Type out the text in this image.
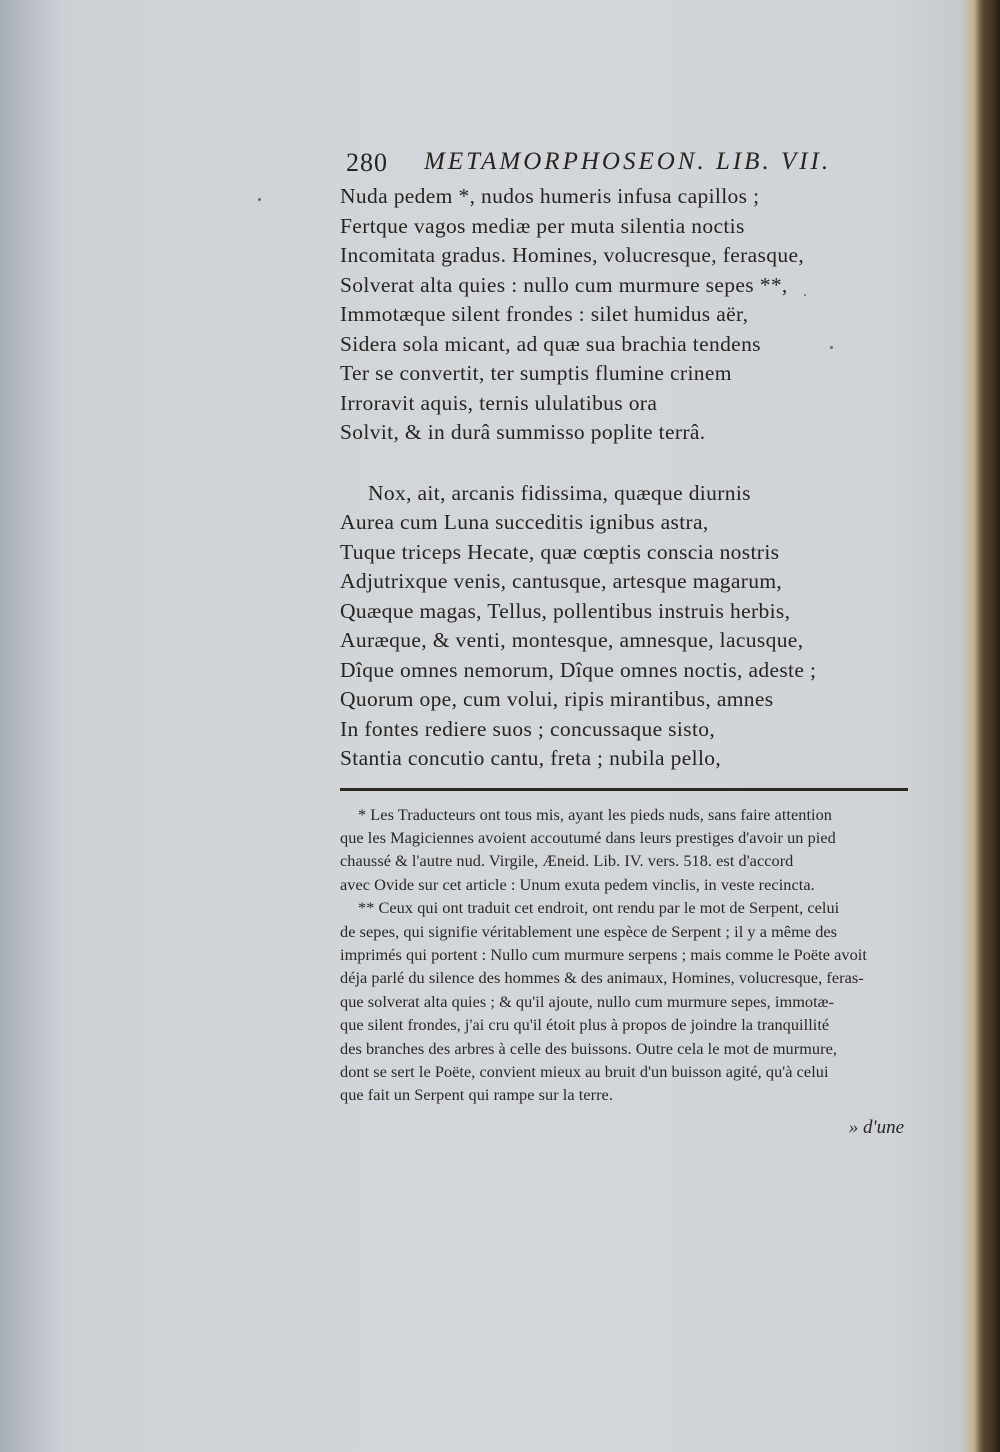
280 METAMORPHOSEON. LIB. VII.
Nuda pedem *, nudos humeris infusa capillos ;
Fertque vagos mediæ per muta silentia noctis
Incomitata gradus. Homines, volucresque, ferasque,
Solverat alta quies : nullo cum murmure sepes **,
Immotæque silent frondes : silet humidus aër,
Sidera sola micant, ad quæ sua brachia tendens
Ter se convertit, ter sumptis flumine crinem
Irroravit aquis, ternis ululatibus ora
Solvit, & in durâ summisso poplite terrâ.
Nox, ait, arcanis fidissima, quæque diurnis
Aurea cum Luna succeditis ignibus astra,
Tuque triceps Hecate, quæ cœptis conscia nostris
Adjutrixque venis, cantusque, artesque magarum,
Quæque magas, Tellus, pollentibus instruis herbis,
Auræque, & venti, montesque, amnesque, lacusque,
Dîque omnes nemorum, Dîque omnes noctis, adeste ;
Quorum ope, cum volui, ripis mirantibus, amnes
In fontes rediere suos ; concussaque sisto,
Stantia concutio cantu, freta ; nubila pello,
* Les Traducteurs ont tous mis, ayant les pieds nuds, sans faire attention
que les Magiciennes avoient accoutumé dans leurs prestiges d'avoir un pied
chaussé & l'autre nud. Virgile, Æneid. Lib. IV. vers. 518. est d'accord
avec Ovide sur cet article : Unum exuta pedem vinclis, in veste recincta.
** Ceux qui ont traduit cet endroit, ont rendu par le mot de Serpent, celui
de sepes, qui signifie véritablement une espèce de Serpent ; il y a même des
imprimés qui portent : Nullo cum murmure serpens ; mais comme le Poëte avoit
déja parlé du silence des hommes & des animaux, Homines, volucresque, feras-
que solverat alta quies ; & qu'il ajoute, nullo cum murmure sepes, immotæ-
que silent frondes, j'ai cru qu'il étoit plus à propos de joindre la tranquillité
des branches des arbres à celle des buissons. Outre cela le mot de murmure,
dont se sert le Poëte, convient mieux au bruit d'un buisson agité, qu'à celui
que fait un Serpent qui rampe sur la terre.
» d'une
